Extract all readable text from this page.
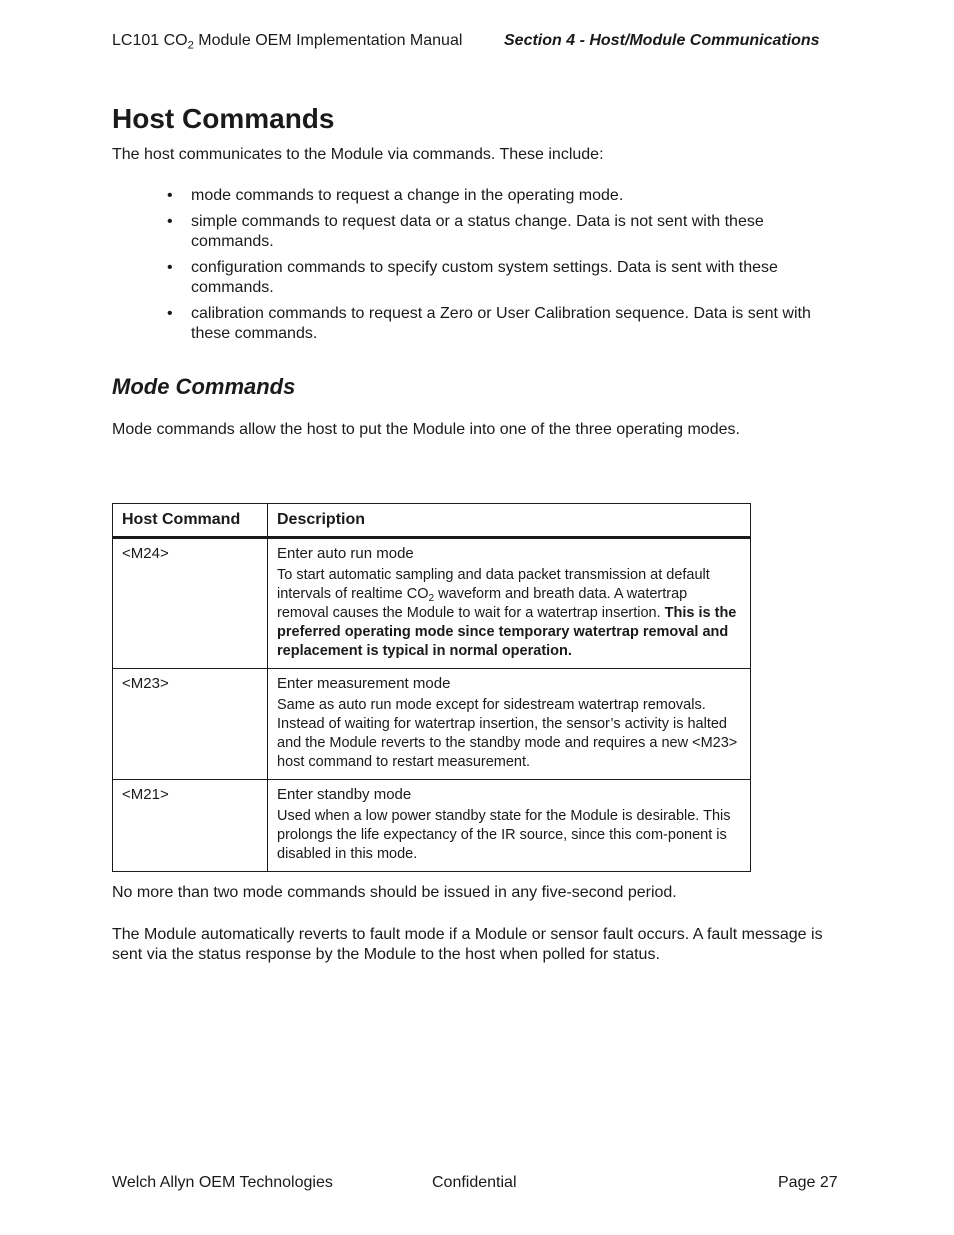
LC101 $CO_2$ Module OEM Implementation Manual	Section 4 - Host/Module Communications
Host Commands
The host communicates to the Module via commands. These include:
• mode commands to request a change in the operating mode.
• simple commands to request data or a status change. Data is not sent with these commands.
• configuration commands to specify custom system settings. Data is sent with these commands.
• calibration commands to request a Zero or User Calibration sequence. Data is sent with these commands.
Mode Commands
Mode commands allow the host to put the Module into one of the three operating modes.
Host Command	Description
<M24>	Enter auto run mode
To start automatic sampling and data packet transmission at default intervals of realtime $CO_2$ waveform and breath data. A watertrap removal causes the Module to wait for a watertrap insertion. This is the preferred operating mode since temporary watertrap removal and replacement is typical in normal operation.

<M23>	Enter measurement mode
Same as auto run mode except for sidestream watertrap removals. Instead of waiting for watertrap insertion, the sensor’s activity is halted and the Module reverts to the standby mode and requires a new <M23> host command to restart measurement.

<M21>	Enter standby mode
Used when a low power standby state for the Module is desirable. This prolongs the life expectancy of the IR source, since this com-ponent is disabled in this mode.
No more than two mode commands should be issued in any five-second period.
The Module automatically reverts to fault mode if a Module or sensor fault occurs. A fault message is sent via the status response by the Module to the host when polled for status.
Welch Allyn OEM Technologies	Confidential	Page 27
